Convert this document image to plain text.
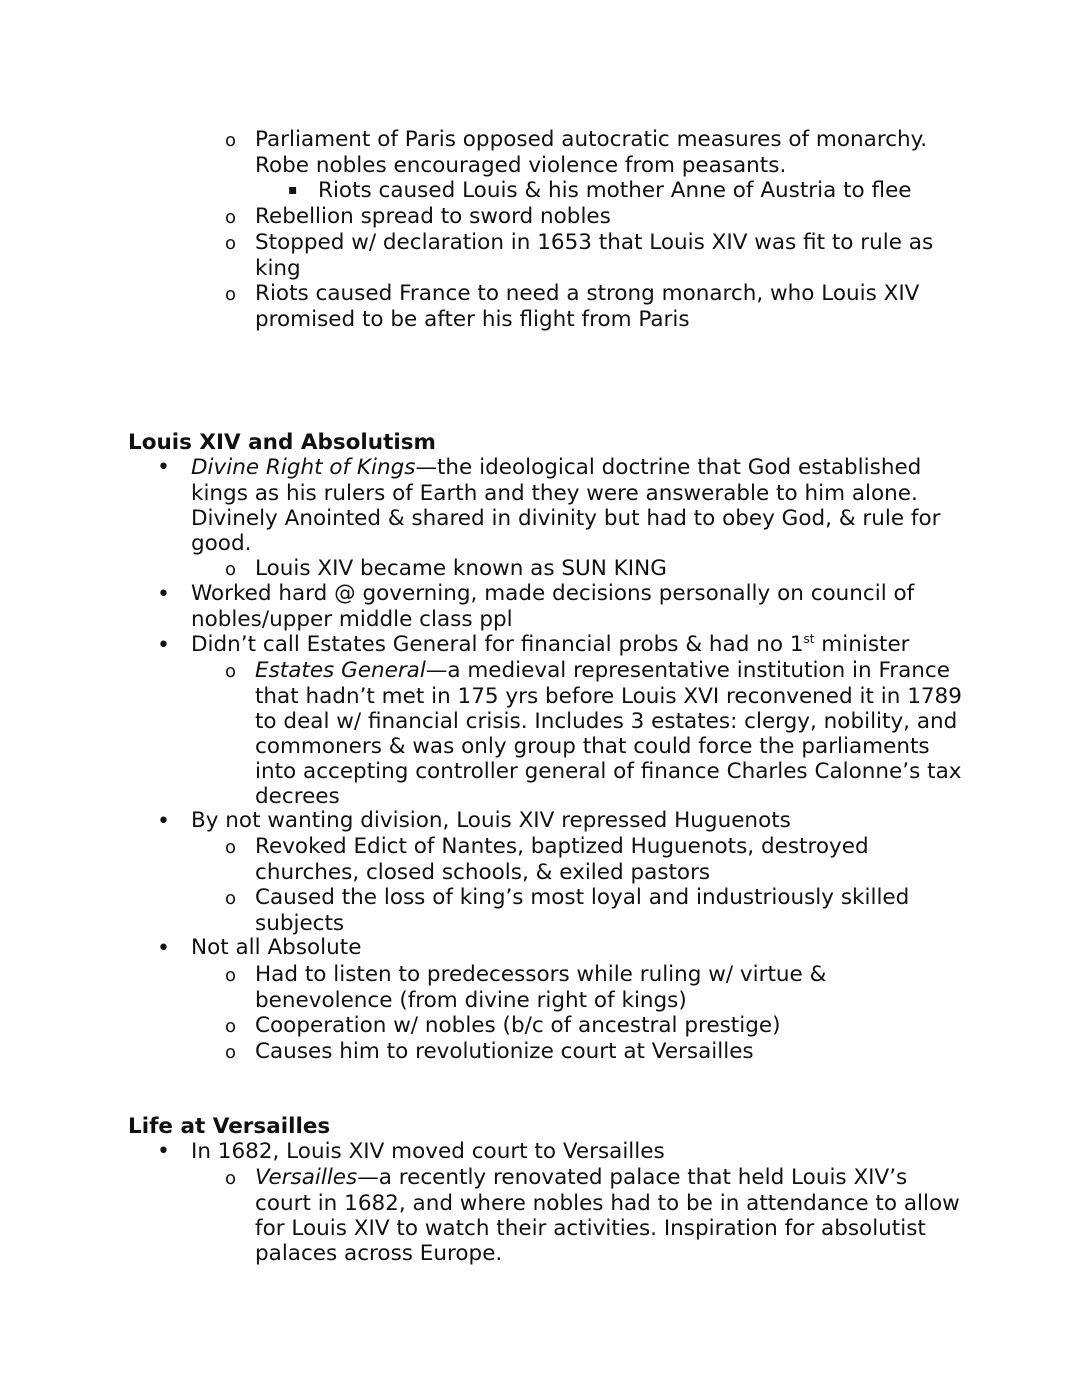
o Parliament of Paris opposed autocratic measures of monarchy.
Robe nobles encouraged violence from peasants.
▪ Riots caused Louis & his mother Anne of Austria to flee
o Rebellion spread to sword nobles
o Stopped w/ declaration in 1653 that Louis XIV was fit to rule as
king
o Riots caused France to need a strong monarch, who Louis XIV
promised to be after his flight from Paris
Louis XIV and Absolutism
• Divine Right of Kings—the ideological doctrine that God established
kings as his rulers of Earth and they were answerable to him alone.
Divinely Anointed & shared in divinity but had to obey God, & rule for
good.
o Louis XIV became known as SUN KING
• Worked hard @ governing, made decisions personally on council of
nobles/upper middle class ppl
• Didn’t call Estates General for financial probs & had no 1st minister
o Estates General—a medieval representative institution in France
that hadn’t met in 175 yrs before Louis XVI reconvened it in 1789
to deal w/ financial crisis. Includes 3 estates: clergy, nobility, and
commoners & was only group that could force the parliaments
into accepting controller general of finance Charles Calonne’s tax
decrees
• By not wanting division, Louis XIV repressed Huguenots
o Revoked Edict of Nantes, baptized Huguenots, destroyed
churches, closed schools, & exiled pastors
o Caused the loss of king’s most loyal and industriously skilled
subjects
• Not all Absolute
o Had to listen to predecessors while ruling w/ virtue &
benevolence (from divine right of kings)
o Cooperation w/ nobles (b/c of ancestral prestige)
o Causes him to revolutionize court at Versailles
Life at Versailles
• In 1682, Louis XIV moved court to Versailles
o Versailles—a recently renovated palace that held Louis XIV’s
court in 1682, and where nobles had to be in attendance to allow
for Louis XIV to watch their activities. Inspiration for absolutist
palaces across Europe.
